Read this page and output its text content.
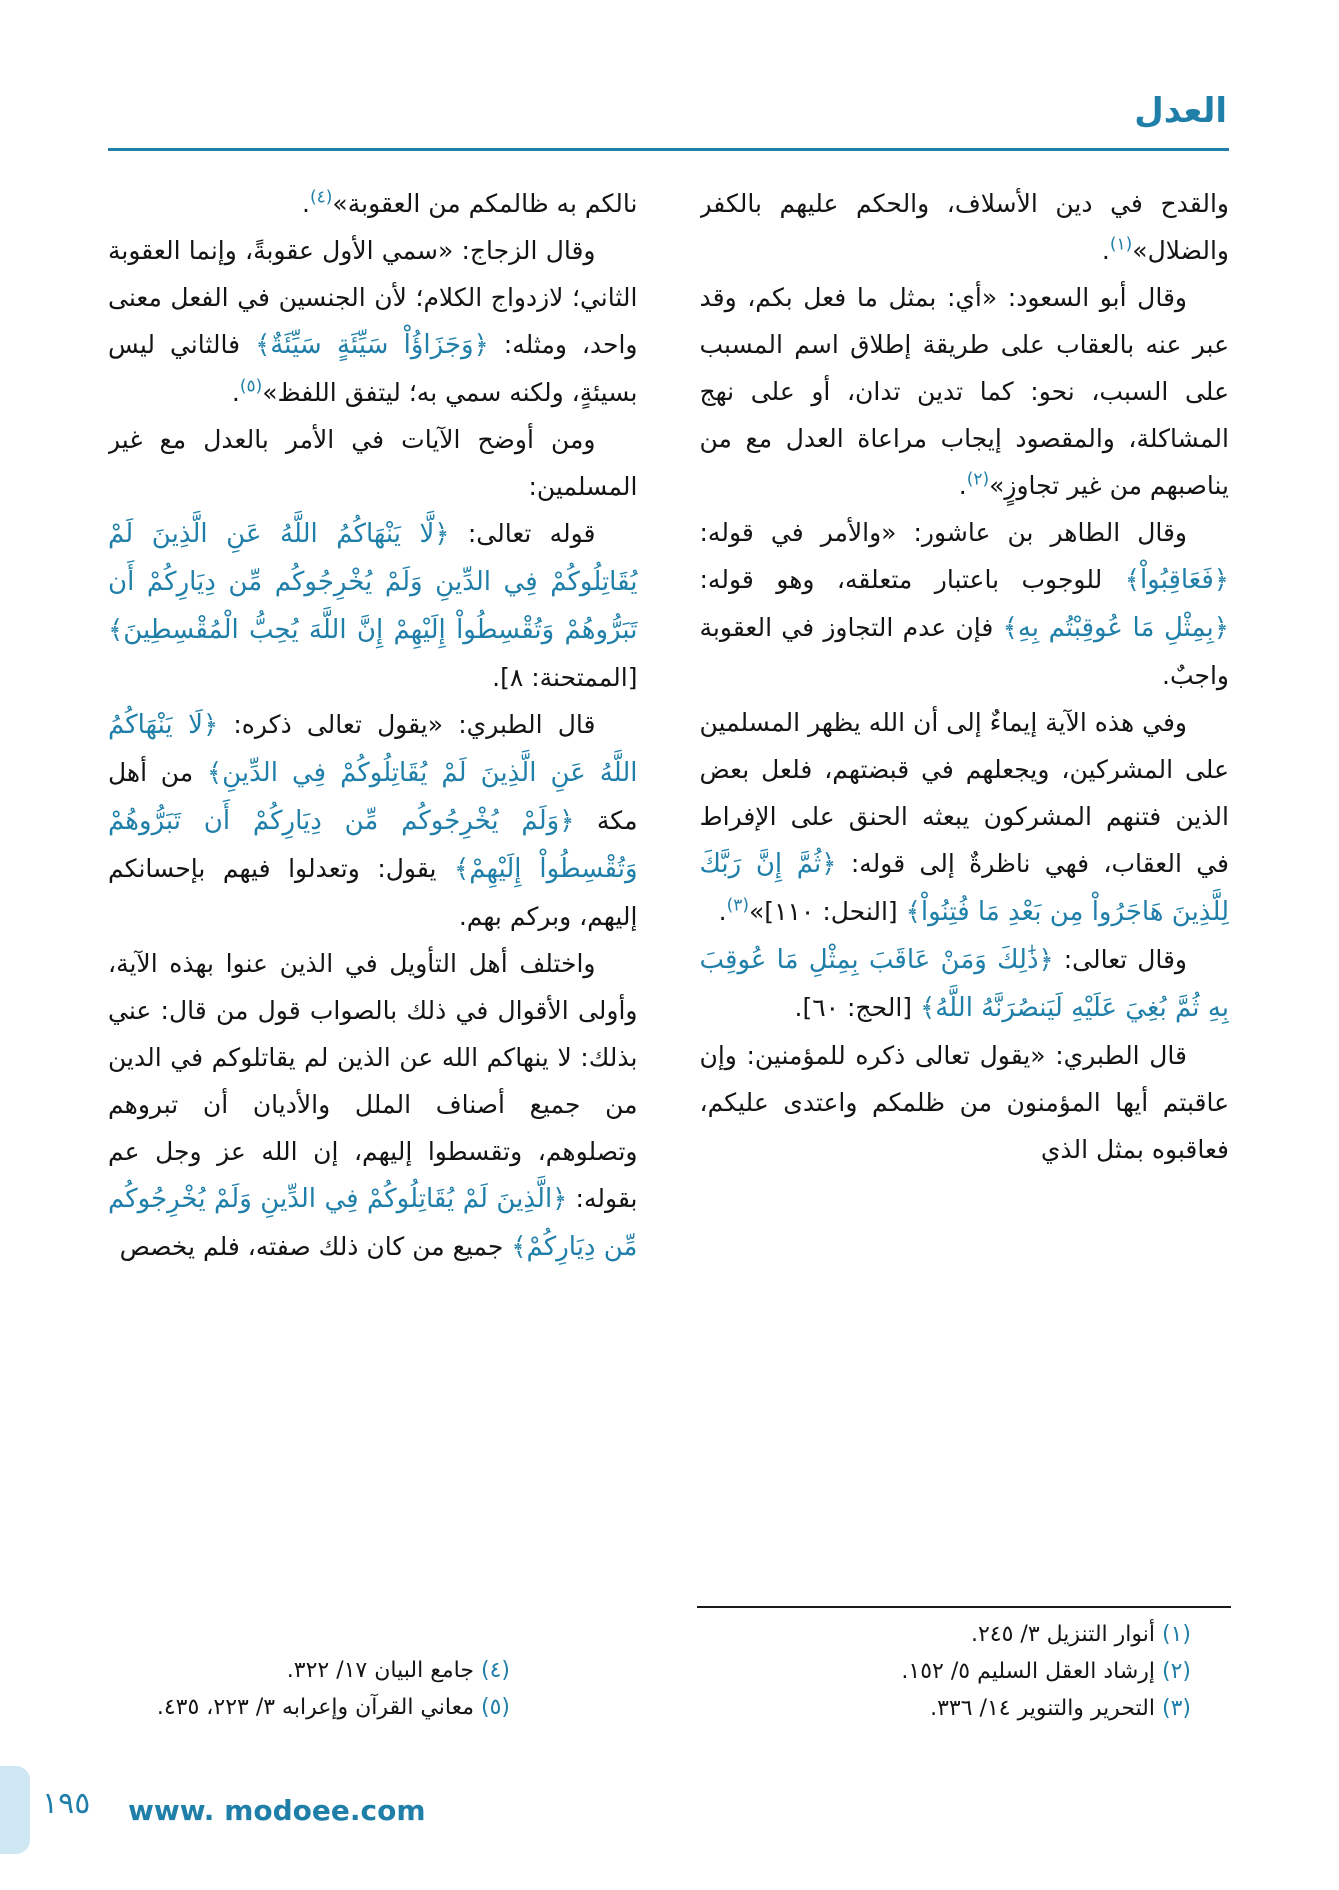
العدل

والقدح في دين الأسلاف، والحكم عليهم بالكفر والضلال»$^{(١)}$.

وقال أبو السعود: «أي: بمثل ما فعل بكم، وقد عبر عنه بالعقاب على طريقة إطلاق اسم المسبب على السبب، نحو: كما تدين تدان، أو على نهج المشاكلة، والمقصود إيجاب مراعاة العدل مع من يناصبهم من غير تجاوزٍ»$^{(٢)}$.

وقال الطاهر بن عاشور: «والأمر في قوله: ﴿فَعَاقِبُواْ﴾ للوجوب باعتبار متعلقه، وهو قوله: ﴿بِمِثْلِ مَا عُوقِبْتُم بِهِ﴾ فإن عدم التجاوز في العقوبة واجبٌ.

وفي هذه الآية إيماءٌ إلى أن الله يظهر المسلمين على المشركين، ويجعلهم في قبضتهم، فلعل بعض الذين فتنهم المشركون يبعثه الحنق على الإفراط في العقاب، فهي ناظرةٌ إلى قوله: ﴿ثُمَّ إِنَّ رَبَّكَ لِلَّذِينَ هَاجَرُواْ مِن بَعْدِ مَا فُتِنُواْ﴾ [النحل: ١١٠]»$^{(٣)}$.

وقال تعالى: ﴿ذَٰلِكَ وَمَنْ عَاقَبَ بِمِثْلِ مَا عُوقِبَ بِهِ ثُمَّ بُغِيَ عَلَيْهِ لَيَنصُرَنَّهُ اللَّهُ﴾ [الحج: ٦٠].

قال الطبري: «يقول تعالى ذكره للمؤمنين: وإن عاقبتم أيها المؤمنون من ظلمكم واعتدى عليكم، فعاقبوه بمثل الذي

نالكم به ظالمكم من العقوبة»$^{(٤)}$.

وقال الزجاج: «سمي الأول عقوبةً، وإنما العقوبة الثاني؛ لازدواج الكلام؛ لأن الجنسين في الفعل معنى واحد، ومثله: ﴿وَجَزَاؤُاْ سَيِّئَةٍ سَيِّئَةٌ﴾ فالثاني ليس بسيئةٍ، ولكنه سمي به؛ ليتفق اللفظ»$^{(٥)}$.

ومن أوضح الآيات في الأمر بالعدل مع غير المسلمين:

قوله تعالى: ﴿لَّا يَنْهَاكُمُ اللَّهُ عَنِ الَّذِينَ لَمْ يُقَاتِلُوكُمْ فِي الدِّينِ وَلَمْ يُخْرِجُوكُم مِّن دِيَارِكُمْ أَن تَبَرُّوهُمْ وَتُقْسِطُواْ إِلَيْهِمْ إِنَّ اللَّهَ يُحِبُّ الْمُقْسِطِينَ﴾ [الممتحنة: ٨].

قال الطبري: «يقول تعالى ذكره: ﴿لَا يَنْهَاكُمُ اللَّهُ عَنِ الَّذِينَ لَمْ يُقَاتِلُوكُمْ فِي الدِّينِ﴾ من أهل مكة ﴿وَلَمْ يُخْرِجُوكُم مِّن دِيَارِكُمْ أَن تَبَرُّوهُمْ وَتُقْسِطُواْ إِلَيْهِمْ﴾ يقول: وتعدلوا فيهم بإحسانكم إليهم، وبركم بهم.

واختلف أهل التأويل في الذين عنوا بهذه الآية، وأولى الأقوال في ذلك بالصواب قول من قال: عني بذلك: لا ينهاكم الله عن الذين لم يقاتلوكم في الدين من جميع أصناف الملل والأديان أن تبروهم وتصلوهم، وتقسطوا إليهم، إن الله عز وجل عم بقوله: ﴿الَّذِينَ لَمْ يُقَاتِلُوكُمْ فِي الدِّينِ وَلَمْ يُخْرِجُوكُم مِّن دِيَارِكُمْ﴾ جميع من كان ذلك صفته، فلم يخصص

(١) أنوار التنزيل ٣/ ٢٤٥.
(٢) إرشاد العقل السليم ٥/ ١٥٢.
(٣) التحرير والتنوير ١٤/ ٣٣٦.
(٤) جامع البيان ١٧/ ٣٢٢.
(٥) معاني القرآن وإعرابه ٣/ ٢٢٣، ٤٣٥.
١٩٥ www. modoee.com
